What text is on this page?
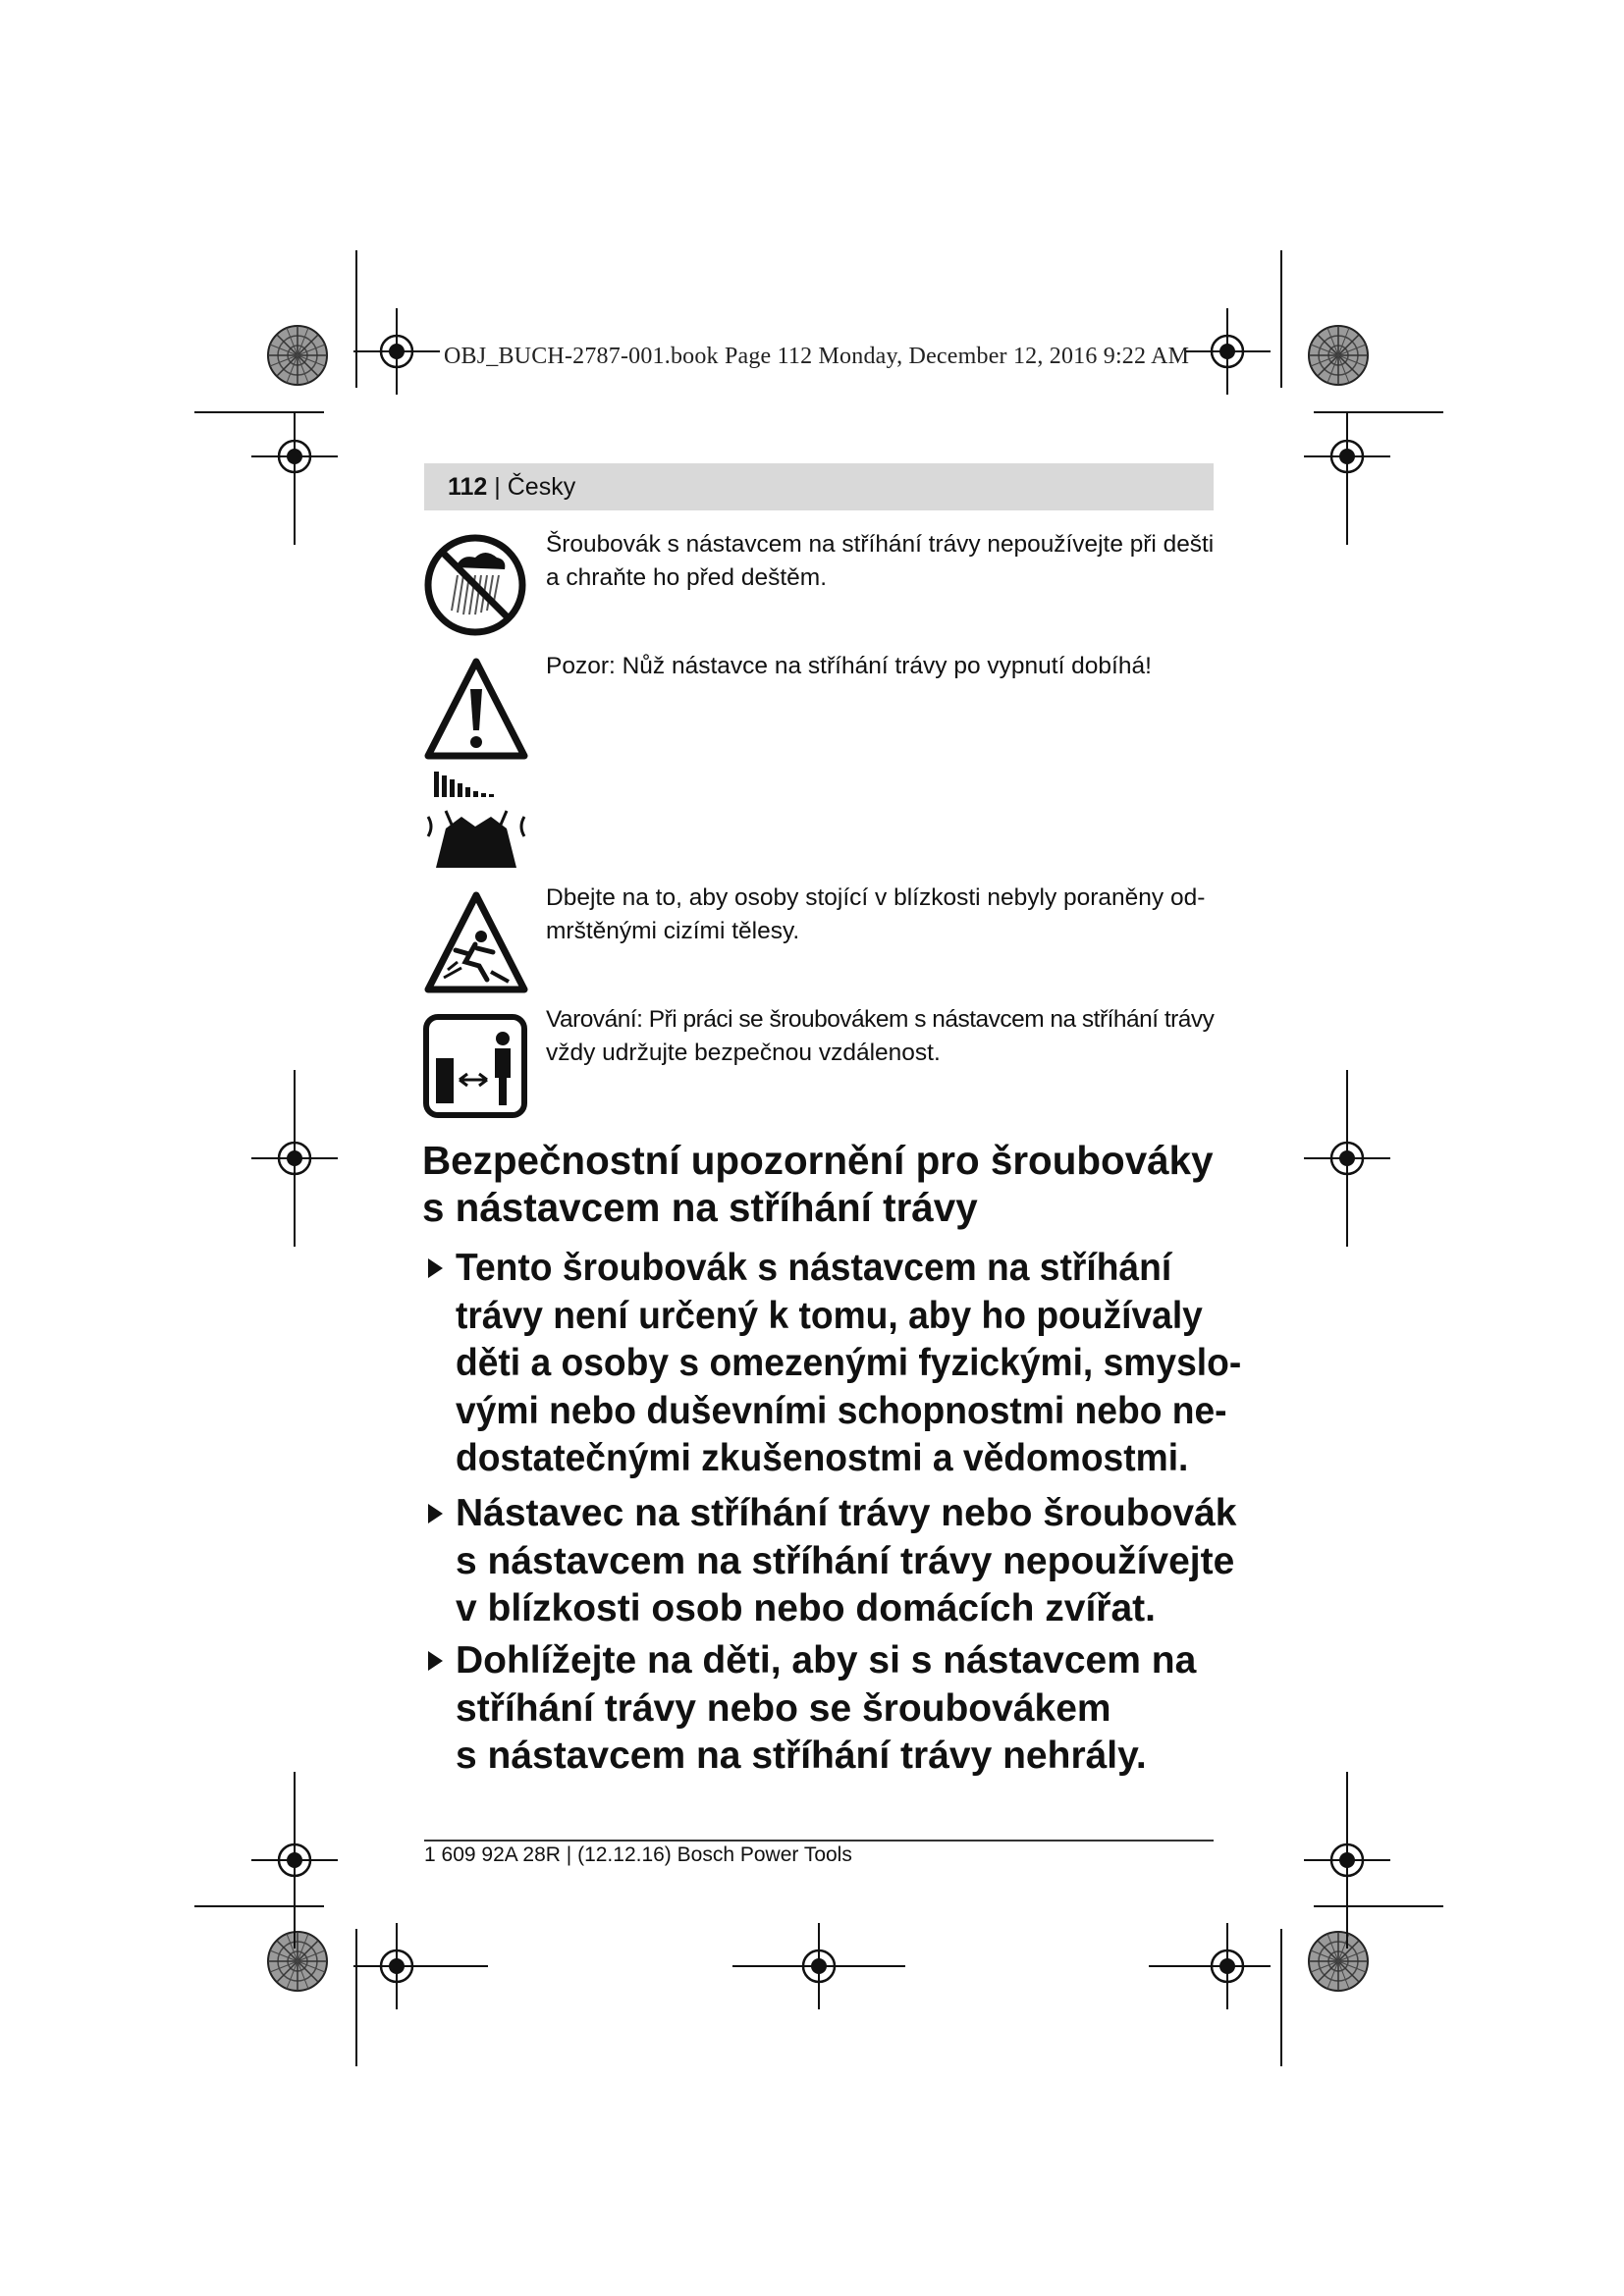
OBJ_BUCH-2787-001.book Page 112 Monday, December 12, 2016 9:22 AM
112 | Česky
Šroubovák s nástavcem na stříhání trávy nepoužívejte při dešti
a chraňte ho před deštěm.
Pozor: Nůž nástavce na stříhání trávy po vypnutí dobíhá!
Dbejte na to, aby osoby stojící v blízkosti nebyly poraněny od-
mrštěnými cizími tělesy.
Varování: Při práci se šroubovákem s nástavcem na stříhání trávy
vždy udržujte bezpečnou vzdálenost.
Bezpečnostní upozornění pro šroubováky
s nástavcem na stříhání trávy
Tento šroubovák s nástavcem na stříhání
trávy není určený k tomu, aby ho používaly
děti a osoby s omezenými fyzickými, smyslo-
vými nebo duševními schopnostmi nebo ne-
dostatečnými zkušenostmi a vědomostmi.
Nástavec na stříhání trávy nebo šroubovák
s nástavcem na stříhání trávy nepoužívejte
v blízkosti osob nebo domácích zvířat.
Dohlížejte na děti, aby si s nástavcem na
stříhání trávy nebo se šroubovákem
s nástavcem na stříhání trávy nehrály.
1 609 92A 28R | (12.12.16) Bosch Power Tools
